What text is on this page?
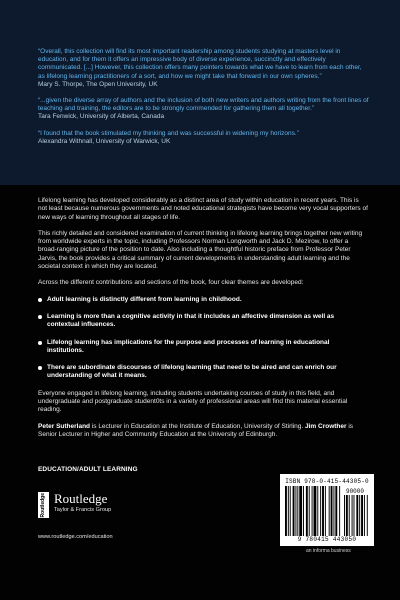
“Overall, this collection will find its most important readership among students studying at masters level in education, and for them it offers an impressive body of diverse experience, succinctly and effectively communicated. [...] However, this collection offers many pointers towards what we have to learn from each other, as lifelong learning practitioners of a sort, and how we might take that forward in our own spheres.”
Mary S. Thorpe, The Open University, UK
“...given the diverse array of authors and the inclusion of both new writers and authors writing from the front lines of teaching and training, the editors are to be strongly commended for gathering them all together.”
Tara Fenwick, University of Alberta, Canada
“I found that the book stimulated my thinking and was successful in widening my horizons.”
Alexandra Withnall, University of Warwick, UK

Lifelong learning has developed considerably as a distinct area of study within education in recent years. This is not least because numerous governments and noted educational strategists have become very vocal supporters of new ways of learning throughout all stages of life.

This richly detailed and considered examination of current thinking in lifelong learning brings together new writing from worldwide experts in the topic, including Professors Norman Longworth and Jack D. Mezirow, to offer a broad-ranging picture of the position to date. Also including a thoughtful historic preface from Professor Peter Jarvis, the book provides a critical summary of current developments in understanding adult learning and the societal context in which they are located.

Across the different contributions and sections of the book, four clear themes are developed:

Adult learning is distinctly different from learning in childhood.
Learning is more than a cognitive activity in that it includes an affective dimension as well as contextual influences.
Lifelong learning has implications for the purpose and processes of learning in educational institutions.
There are subordinate discourses of lifelong learning that need to be aired and can enrich our understanding of what it means.

Everyone engaged in lifelong learning, including students undertaking courses of study in this field, and undergraduate and postgraduate student0ts in a variety of professional areas will find this material essential reading.

Peter Sutherland is Lecturer in Education at the Institute of Education, University of Stirling. Jim Crowther is Senior Lecturer in Higher and Community Education at the University of Edinburgh.

EDUCATION/ADULT LEARNING
Routledge Routledge
Taylor & Francis Group
www.routledge.com/education
ISBN 978-0-415-44305-0
90000
9 780415 443050
an informa business
